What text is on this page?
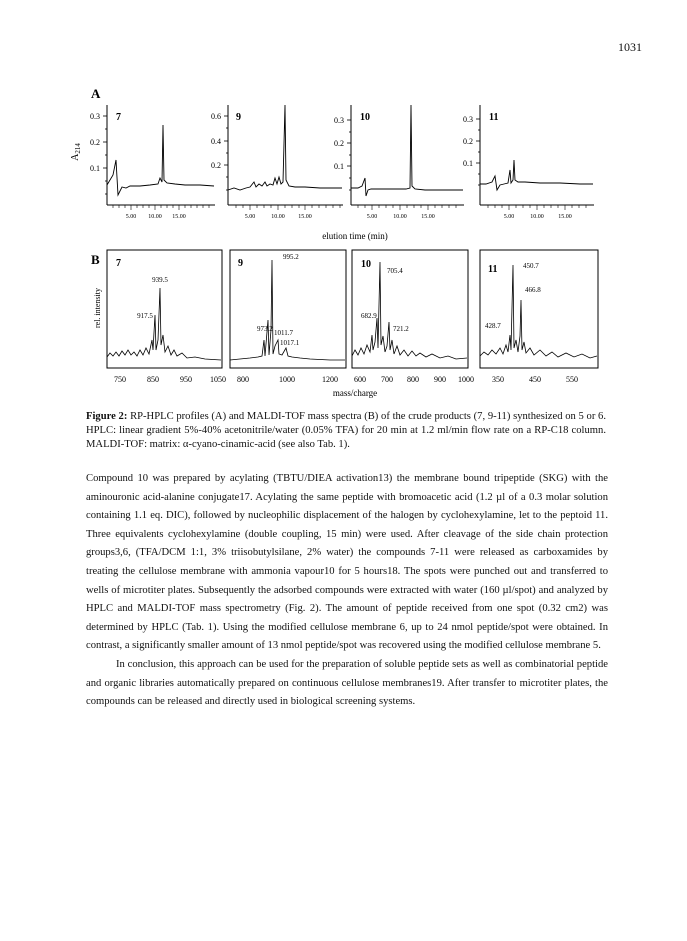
1031
A
B
$A_{214}$
0.3
0.2
0.1
7
5.00 10.00 15.00
0.6
0.4
0.2
9
5.00	10.00 15.00
0.3
0.2
0.1
10
5.00	10.00 15.00
0.3
0.2
0.1
11
5.00	10.00 15.00
elution time (min)
rel. intensity
7
939.5
917.5
750	850	950 1050
9
995.2
973.2 1011.7
1017.1
800	1000	1200
10
705.4
682.9
721.2
600 700 800 900 1000
11	450.7
466.8
428.7
350	450	550
mass/charge
Figure 2: RP-HPLC profiles (A) and MALDI-TOF mass spectra (B) of the crude products (7, 9-11) synthesized on 5 or 6. HPLC: linear gradient 5%-40% acetonitrile/water (0.05% TFA) for 20 min at 1.2 ml/min flow rate on a RP-C18 column. MALDI-TOF: matrix: α-cyano-cinamic-acid (see also Tab. 1).

Compound 10 was prepared by acylating (TBTU/DIEA activation13) the membrane bound tripeptide (SKG) with the aminouronic acid-alanine conjugate17. Acylating the same peptide with bromoacetic acid (1.2 µl of a 0.3 molar solution containing 1.1 eq. DIC), followed by nucleophilic displacement of the halogen by cyclohexylamine, let to the peptoid 11. Three equivalents cyclohexylamine (double coupling, 15 min) were used. After cleavage of the side chain protection groups3,6, (TFA/DCM 1:1, 3% triisobutylsilane, 2% water) the compounds 7-11 were released as carboxamides by treating the cellulose membrane with ammonia vapour10 for 5 hours18. The spots were punched out and transferred to wells of microtiter plates. Subsequently the adsorbed compounds were extracted with water (160 µl/spot) and analyzed by HPLC and MALDI-TOF mass spectrometry (Fig. 2). The amount of peptide received from one spot (0.32 cm2) was determined by HPLC (Tab. 1). Using the modified cellulose membrane 6, up to 24 nmol peptide/spot were obtained. In contrast, a significantly smaller amount of 13 nmol peptide/spot was recovered using the modified cellulose membrane 5.

In conclusion, this approach can be used for the preparation of soluble peptide sets as well as combinatorial peptide and organic libraries automatically prepared on continuous cellulose membranes19. After transfer to microtiter plates, the compounds can be released and directly used in biological screening systems.
